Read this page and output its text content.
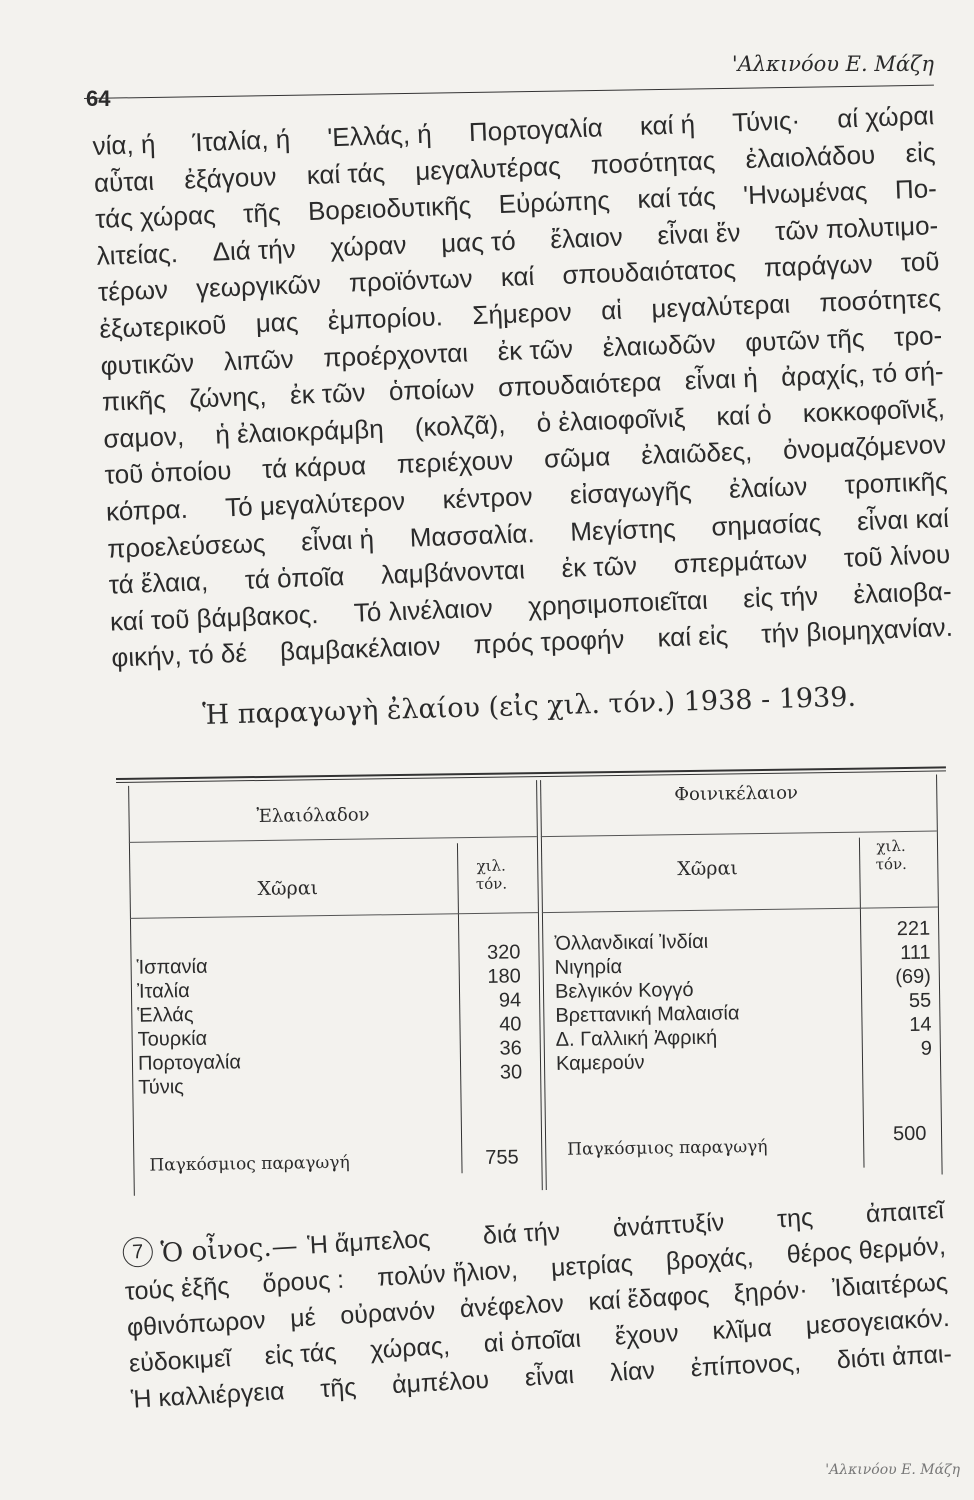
64
'Αλκινόου Ε. Μάζη
νία, ή Ίταλία, ή 'Ελλάς, ή Πορτογαλία καί ή Τύνις· αί χώραι
αὗται ἐξάγουν καί τάς μεγαλυτέρας ποσότητας ἐλαιολάδου εἰς
τάς χώρας τῆς Βορειοδυτικῆς Εὐρώπης καί τάς 'Ηνωμένας Πο-
λιτείας. Διά τήν χώραν μας τό ἔλαιον εἶναι ἕν τῶν πολυτιμο-
τέρων γεωργικῶν προϊόντων καί σπουδαιότατος παράγων τοῦ
ἐξωτερικοῦ μας ἐμπορίου. Σήμερον αἱ μεγαλύτεραι ποσότητες
φυτικῶν λιπῶν προέρχονται ἐκ τῶν ἐλαιωδῶν φυτῶν τῆς τρο-
πικῆς ζώνης, ἐκ τῶν ὁποίων σπουδαιότερα εἶναι ἡ ἀραχίς, τό σή-
σαμον, ἡ ἐλαιοκράμβη (κολζᾶ), ὁ ἐλαιοφοῖνιξ καί ὁ κοκκοφοῖνιξ,
τοῦ ὁποίου τά κάρυα περιέχουν σῶμα ἐλαιῶδες, ὀνομαζόμενον
κόπρα. Τό μεγαλύτερον κέντρον εἰσαγωγῆς ἐλαίων τροπικῆς
προελεύσεως εἶναι ἡ Μασσαλία. Μεγίστης σημασίας εἶναι καί
τά ἔλαια, τά ὁποῖα λαμβάνονται ἐκ τῶν σπερμάτων τοῦ λίνου
καί τοῦ βάμβακος. Τό λινέλαιον χρησιμοποιεῖται εἰς τήν ἐλαιοβα-
φικήν, τό δέ βαμβακέλαιον πρός τροφήν καί εἰς τήν βιομηχανίαν.
Ἡ παραγωγὴ ἐλαίου (εἰς χιλ. τόν.) 1938 - 1939.
Ἐλαιόλαδον
Φοινικέλαιον
Χῶραι
χιλ.
τόν.
Χῶραι
χιλ.
τόν.
Ἱσπανία
Ἰταλία
Ἑλλάς
Τουρκία
Πορτογαλία
Τύνις
320
180
94
40
36
30
Ὀλλανδικαί Ἰνδίαι
Νιγηρία
Βελγικόν Κογγό
Βρεττανική Μαλαισία
Δ. Γαλλική Ἀφρική
Καμερούν
221
111
(69)
55
14
9
Παγκόσμιος παραγωγή	755	Παγκόσμιος παραγωγή
500
7 Ὁ οἶνος.— Ἡ ἄμπελος διά τήν ἀνάπτυξίν της ἀπαιτεῖ
τούς ἑξῆς ὅρους : πολύν ἥλιον, μετρίας βροχάς, θέρος θερμόν,
φθινόπωρον μέ οὐρανόν ἀνέφελον καί ἔδαφος ξηρόν· Ἰδιαιτέρως
εὐδοκιμεῖ εἰς τάς χώρας, αἱ ὁποῖαι ἔχουν κλῖμα μεσογειακόν.
Ἡ καλλιέργεια τῆς ἀμπέλου εἶναι λίαν ἐπίπονος, διότι ἀπαι-
'Αλκινόου Ε. Μάζη
